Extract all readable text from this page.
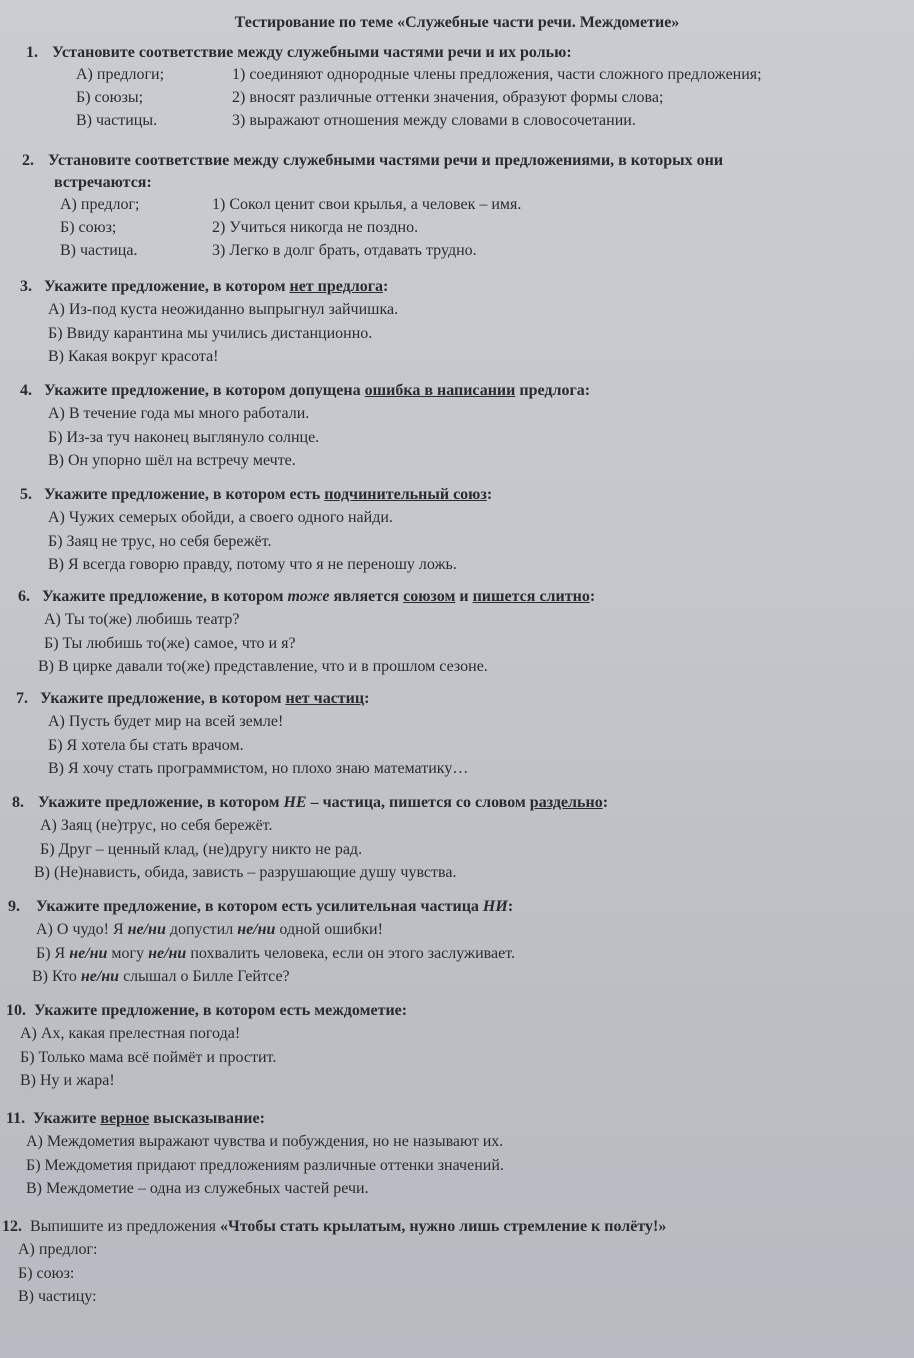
Тестирование по теме «Служебные части речи. Междометие»
1. Установите соответствие между служебными частями речи и их ролью:
А) предлоги;	1) соединяют однородные члены предложения, части сложного предложения;
Б) союзы;	2) вносят различные оттенки значения, образуют формы слова;
В) частицы.	3) выражают отношения между словами в словосочетании.
2. Установите соответствие между служебными частями речи и предложениями, в которых они
встречаются:
А) предлог;	1) Сокол ценит свои крылья, а человек – имя.
Б) союз;	2) Учиться никогда не поздно.
В) частица.	3) Легко в долг брать, отдавать трудно.
3. Укажите предложение, в котором нет предлога:
А) Из-под куста неожиданно выпрыгнул зайчишка.
Б) Ввиду карантина мы учились дистанционно.
В) Какая вокруг красота!
4. Укажите предложение, в котором допущена ошибка в написании предлога:
А) В течение года мы много работали.
Б) Из-за туч наконец выглянуло солнце.
В) Он упорно шёл на встречу мечте.
5. Укажите предложение, в котором есть подчинительный союз:
А) Чужих семерых обойди, а своего одного найди.
Б) Заяц не трус, но себя бережёт.
В) Я всегда говорю правду, потому что я не переношу ложь.
6. Укажите предложение, в котором тоже является союзом и пишется слитно:
А) Ты то(же) любишь театр?
Б) Ты любишь то(же) самое, что и я?
В) В цирке давали то(же) представление, что и в прошлом сезоне.
7. Укажите предложение, в котором нет частиц:
А) Пусть будет мир на всей земле!
Б) Я хотела бы стать врачом.
В) Я хочу стать программистом, но плохо знаю математику…
8. Укажите предложение, в котором НЕ – частица, пишется со словом раздельно:
А) Заяц (не)трус, но себя бережёт.
Б) Друг – ценный клад, (не)другу никто не рад.
В) (Не)нависть, обида, зависть – разрушающие душу чувства.
9. Укажите предложение, в котором есть усилительная частица НИ:
А) О чудо! Я не/ни допустил не/ни одной ошибки!
Б) Я не/ни могу не/ни похвалить человека, если он этого заслуживает.
В) Кто не/ни слышал о Билле Гейтсе?
10. Укажите предложение, в котором есть междометие:
А) Ах, какая прелестная погода!
Б) Только мама всё поймёт и простит.
В) Ну и жара!
11. Укажите верное высказывание:
А) Междометия выражают чувства и побуждения, но не называют их.
Б) Междометия придают предложениям различные оттенки значений.
В) Междометие – одна из служебных частей речи.
12. Выпишите из предложения «Чтобы стать крылатым, нужно лишь стремление к полёту!»
А) предлог:
Б) союз:
В) частицу:
